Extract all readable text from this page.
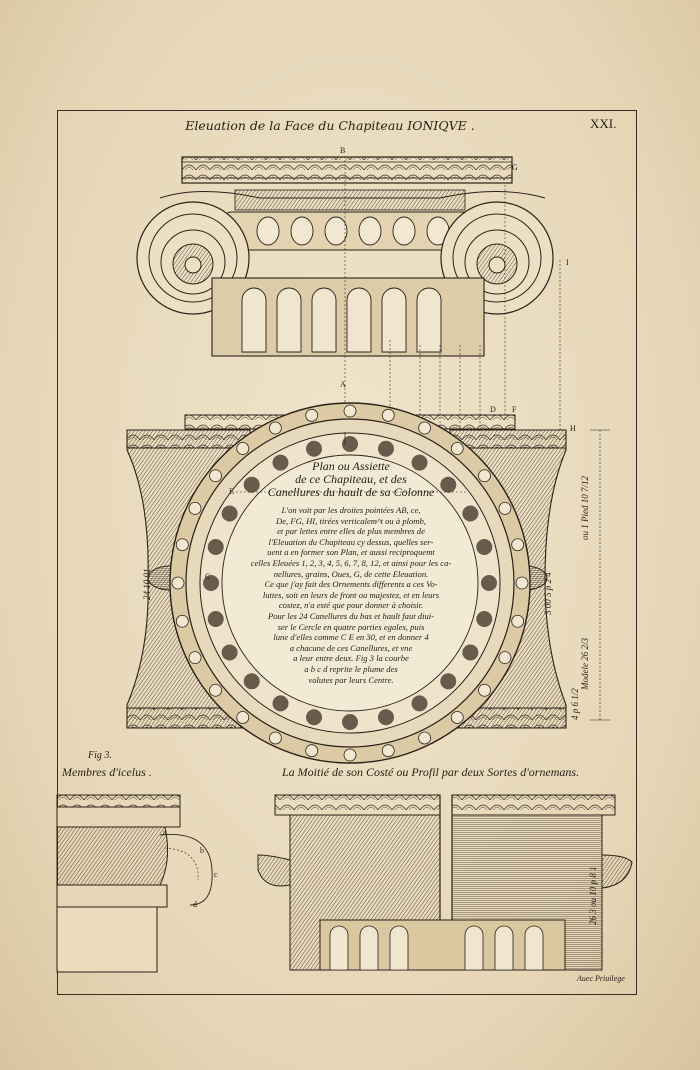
Eleuation de la Face du Chapiteau IONIQVE .	XXI.
B
G
I
A
D F
H
E
C
a
b
c
d
Plan ou Assiette
de ce Chapiteau, et des
Canellures du hault de sa Colonne
L'on voit par les droites pointées AB, ce,
De, FG, HI, tirées verticalem^t ou à plomb,
et par lettes entre elles de plus membres de
l'Eleuation du Chapiteau cy dessus, quelles ser-
uent a en former son Plan, et aussi reciproquemt
celles Eleuées 1, 2, 3, 4, 5, 6, 7, 8, 12, et ainsi pour les ca-
nellures, grains, Oues, G, de cette Eleuation.
Ce que j'ay fait des Ornements differents a ces Vo-
luttes, soit en leurs de front ou majestez, et en leurs
costez, n'a esté que pour donner à choisir.
Pour les 24 Canellures du bas et hault faut diui-
ser le Cercle en quatre parties egales, puis
lune d'elles comme C E en 30, et en donner 4
a chacune de ces Canellures, et vne
a leur entre deux. Fig 3 la courbe
a b c d reprite le plume des
volutes par leurs Centre.
24 10 01	3 00 5 p 2 4
ou 1 Pied 10 7/12
Modele 26 2/3
4 p 6 1/2
26 3 ou 10 p 8 1
Fig 3.
Membres d'icelus .	La Moitié de son Costé ou Profil par deux Sortes d'ornemans.
Auec Priuilege
